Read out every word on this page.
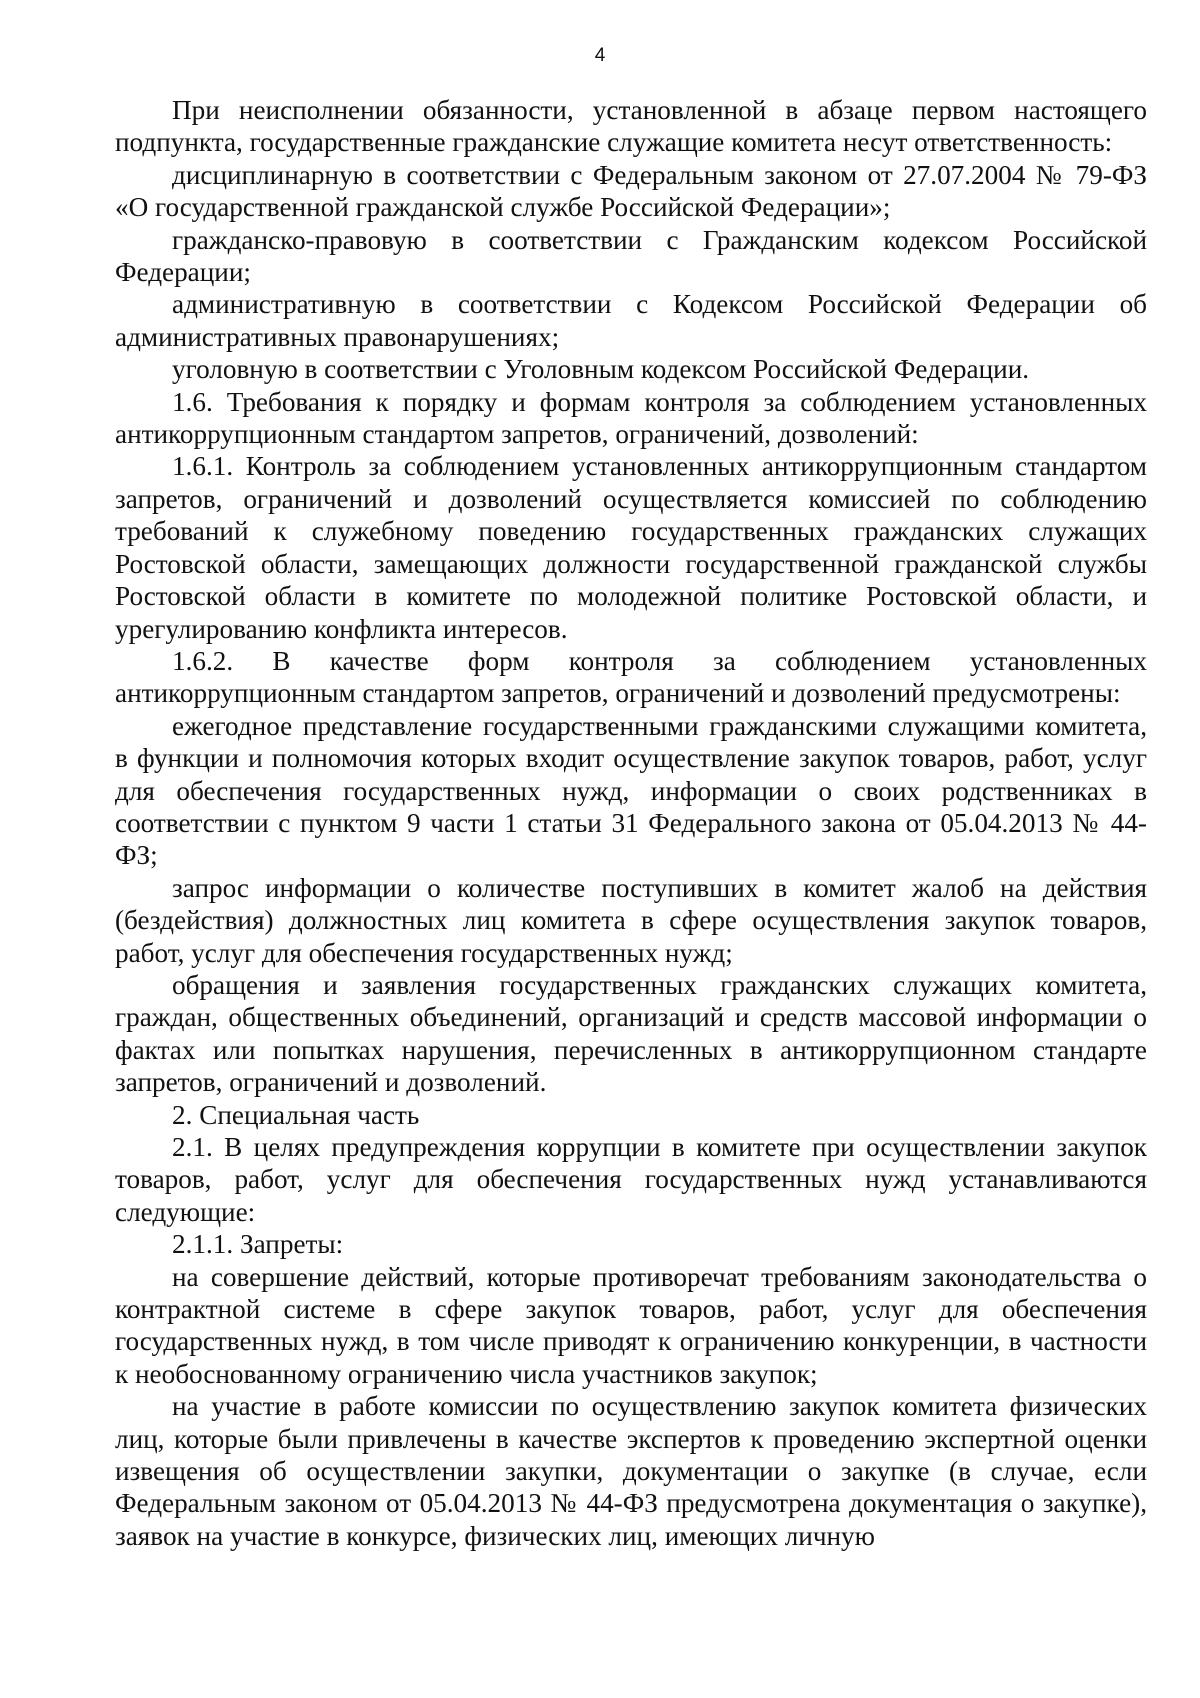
4

При неисполнении обязанности, установленной в абзаце первом настоящего подпункта, государственные гражданские служащие комитета несут ответственность:

дисциплинарную в соответствии с Федеральным законом от 27.07.2004 № 79-ФЗ «О государственной гражданской службе Российской Федерации»;

гражданско-правовую в соответствии с Гражданским кодексом Российской Федерации;

административную в соответствии с Кодексом Российской Федерации об административных правонарушениях;

уголовную в соответствии с Уголовным кодексом Российской Федерации.

1.6. Требования к порядку и формам контроля за соблюдением установленных антикоррупционным стандартом запретов, ограничений, дозволений:

1.6.1. Контроль за соблюдением установленных антикоррупционным стандартом запретов, ограничений и дозволений осуществляется комиссией по соблюдению требований к служебному поведению государственных гражданских служащих Ростовской области, замещающих должности государственной гражданской службы Ростовской области в комитете по молодежной политике Ростовской области, и урегулированию конфликта интересов.

1.6.2. В качестве форм контроля за соблюдением установленных антикоррупционным стандартом запретов, ограничений и дозволений предусмотрены:

ежегодное представление государственными гражданскими служащими комитета, в функции и полномочия которых входит осуществление закупок товаров, работ, услуг для обеспечения государственных нужд, информации о своих родственниках в соответствии с пунктом 9 части 1 статьи 31 Федерального закона от 05.04.2013 № 44-ФЗ;

запрос информации о количестве поступивших в комитет жалоб на действия (бездействия) должностных лиц комитета в сфере осуществления закупок товаров, работ, услуг для обеспечения государственных нужд;

обращения и заявления государственных гражданских служащих комитета, граждан, общественных объединений, организаций и средств массовой информации о фактах или попытках нарушения, перечисленных в антикоррупционном стандарте запретов, ограничений и дозволений.

2. Специальная часть

2.1. В целях предупреждения коррупции в комитете при осуществлении закупок товаров, работ, услуг для обеспечения государственных нужд устанавливаются следующие:

2.1.1. Запреты:

на совершение действий, которые противоречат требованиям законодательства о контрактной системе в сфере закупок товаров, работ, услуг для обеспечения государственных нужд, в том числе приводят к ограничению конкуренции, в частности к необоснованному ограничению числа участников закупок;

на участие в работе комиссии по осуществлению закупок комитета физических лиц, которые были привлечены в качестве экспертов к проведению экспертной оценки извещения об осуществлении закупки, документации о закупке (в случае, если Федеральным законом от 05.04.2013 № 44-ФЗ предусмотрена документация о закупке), заявок на участие в конкурсе, физических лиц, имеющих личную
